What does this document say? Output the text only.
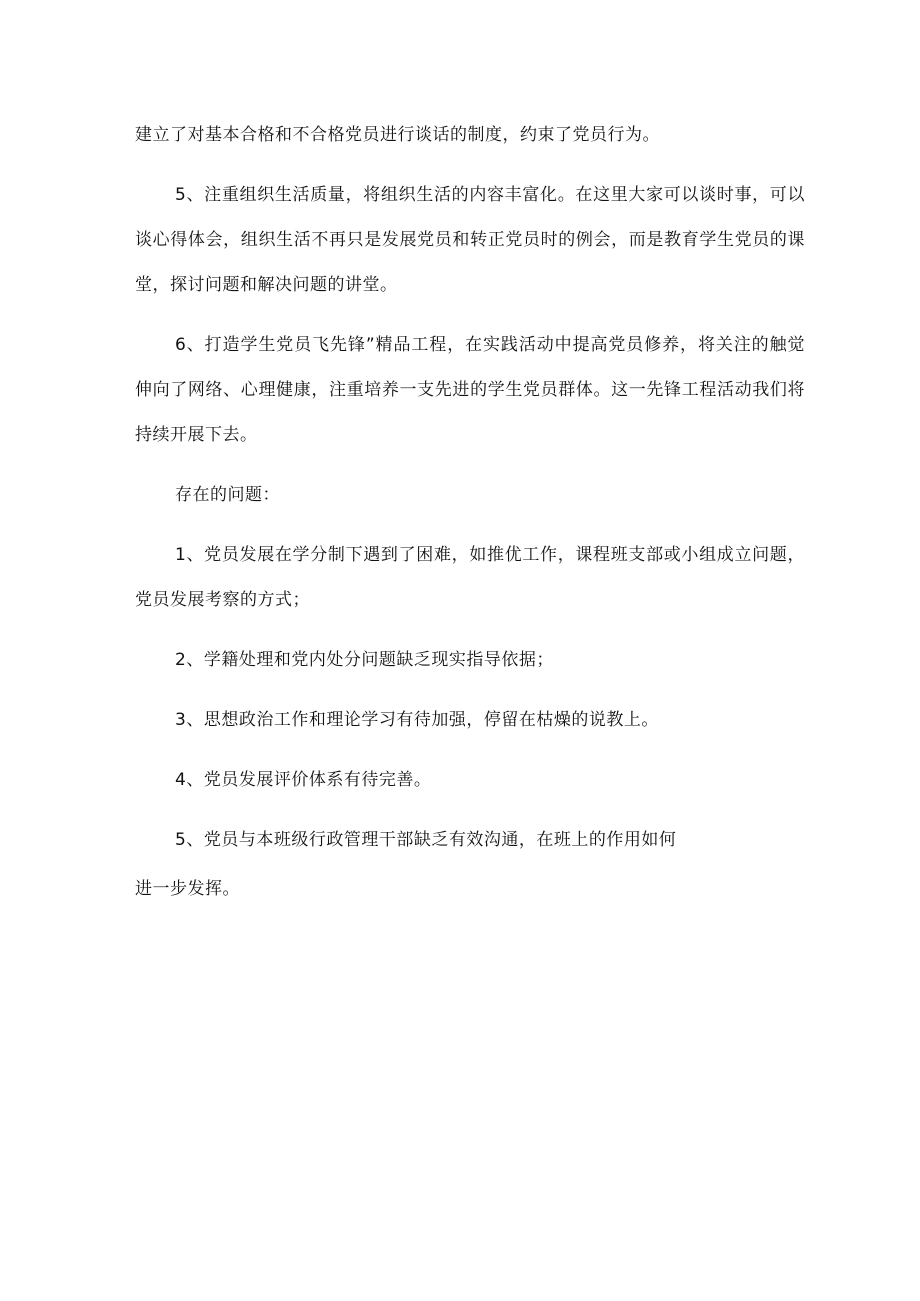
建立了对基本合格和不合格党员进行谈话的制度，约束了党员行为。

5、注重组织生活质量，将组织生活的内容丰富化。在这里大家可以谈时事，可以谈心得体会，组织生活不再只是发展党员和转正党员时的例会，而是教育学生党员的课堂，探讨问题和解决问题的讲堂。

6、打造学生党员飞先锋”精品工程，在实践活动中提高党员修养，将关注的触觉伸向了网络、心理健康，注重培养一支先进的学生党员群体。这一先锋工程活动我们将持续开展下去。

存在的问题：

1、党员发展在学分制下遇到了困难，如推优工作，课程班支部或小组成立问题，党员发展考察的方式；

2、学籍处理和党内处分问题缺乏现实指导依据；

3、思想政治工作和理论学习有待加强，停留在枯燥的说教上。

4、党员发展评价体系有待完善。

5、党员与本班级行政管理干部缺乏有效沟通，在班上的作用如何

进一步发挥。
